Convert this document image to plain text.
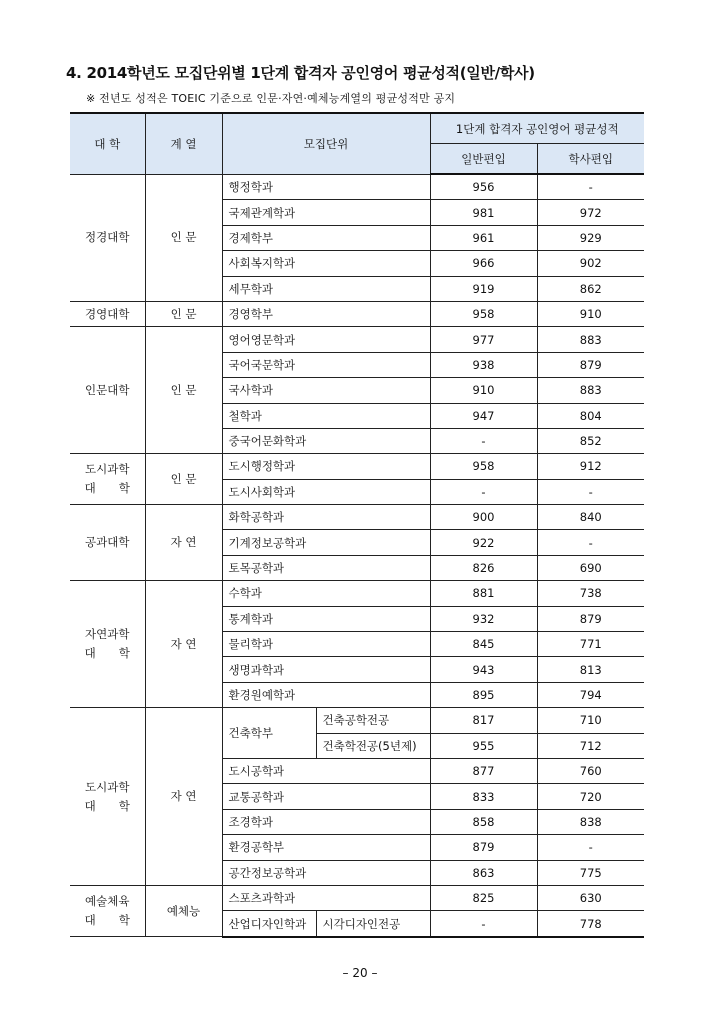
4. 2014학년도 모집단위별 1단계 합격자 공인영어 평균성적(일반/학사)
※ 전년도 성적은 TOEIC 기준으로 인문·자연·예체능계열의 평균성적만 공지
대 학	계 열	모집단위		1단계 합격자 공인영어 평균성적	
				일반편입	학사편입

정경대학	인 문	행정학과		956	-
		국제관계학과		981	972
		경제학부		961	929
		사회복지학과		966	902
		세무학과		919	862

경영대학	인 문	경영학부		958	910

인문대학	인 문	영어영문학과		977	883
		국어국문학과		938	879
		국사학과		910	883
		철학과		947	804
		중국어문화학과		-	852

도시과학
대　　학	인 문	도시행정학과		958	912
		도시사회학과		-	-

공과대학	자 연	화학공학과		900	840
		기계정보공학과		922	-
		토목공학과		826	690

자연과학
대　　학	자 연	수학과		881	738
		통계학과		932	879
		물리학과		845	771
		생명과학과		943	813
		환경원예학과		895	794

도시과학
대　　학	자 연	건축학부	건축공학전공	817	710
			건축학전공(5년제)	955	712
		도시공학과		877	760
		교통공학과		833	720
		조경학과		858	838
		환경공학부		879	-
		공간정보공학과		863	775

예술체육
대　　학	예체능	스포츠과학과		825	630
		산업디자인학과	시각디자인전공	-	778
– 20 –
